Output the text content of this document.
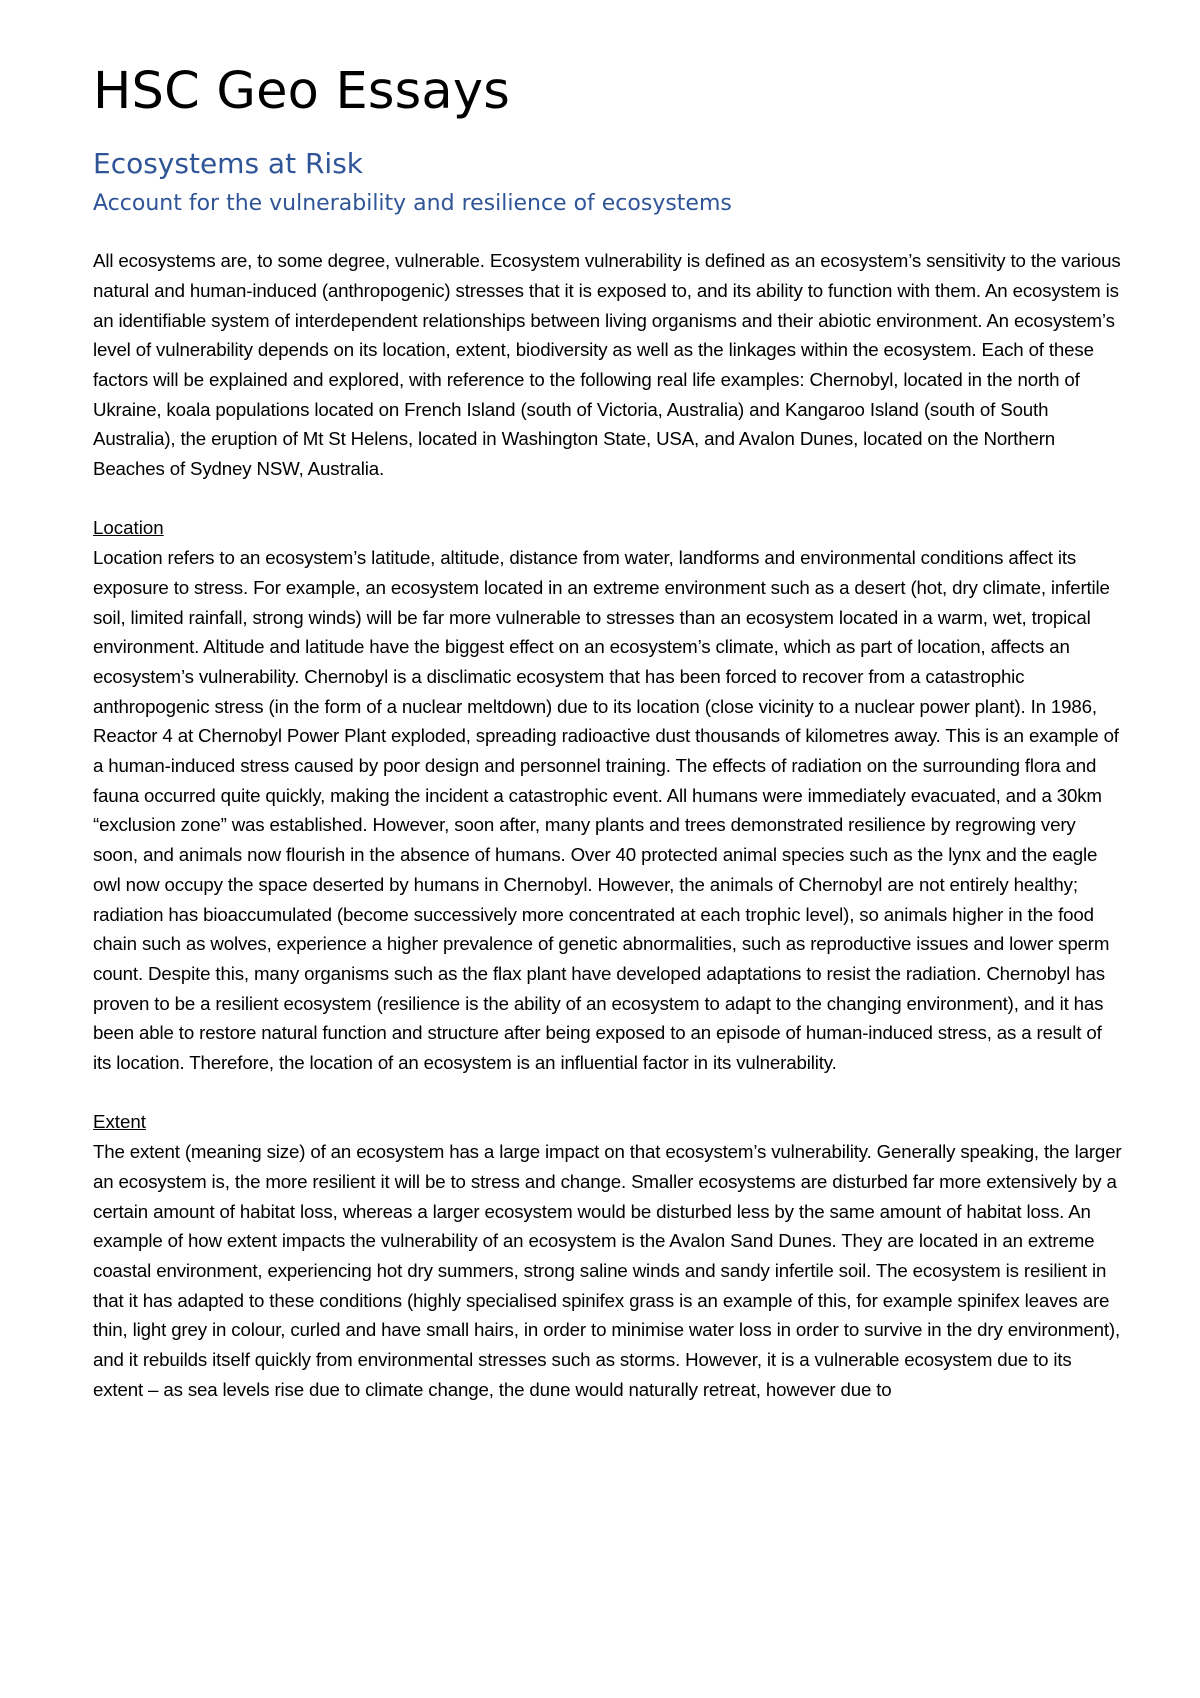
HSC Geo Essays
Ecosystems at Risk
Account for the vulnerability and resilience of ecosystems

All ecosystems are, to some degree, vulnerable. Ecosystem vulnerability is defined as an ecosystem’s sensitivity to the various natural and human-induced (anthropogenic) stresses that it is exposed to, and its ability to function with them. An ecosystem is an identifiable system of interdependent relationships between living organisms and their abiotic environment. An ecosystem’s level of vulnerability depends on its location, extent, biodiversity as well as the linkages within the ecosystem. Each of these factors will be explained and explored, with reference to the following real life examples: Chernobyl, located in the north of Ukraine, koala populations located on French Island (south of Victoria, Australia) and Kangaroo Island (south of South Australia), the eruption of Mt St Helens, located in Washington State, USA, and Avalon Dunes, located on the Northern Beaches of Sydney NSW, Australia.

Location

Location refers to an ecosystem’s latitude, altitude, distance from water, landforms and environmental conditions affect its exposure to stress. For example, an ecosystem located in an extreme environment such as a desert (hot, dry climate, infertile soil, limited rainfall, strong winds) will be far more vulnerable to stresses than an ecosystem located in a warm, wet, tropical environment. Altitude and latitude have the biggest effect on an ecosystem’s climate, which as part of location, affects an ecosystem’s vulnerability. Chernobyl is a disclimatic ecosystem that has been forced to recover from a catastrophic anthropogenic stress (in the form of a nuclear meltdown) due to its location (close vicinity to a nuclear power plant). In 1986, Reactor 4 at Chernobyl Power Plant exploded, spreading radioactive dust thousands of kilometres away. This is an example of a human-induced stress caused by poor design and personnel training. The effects of radiation on the surrounding flora and fauna occurred quite quickly, making the incident a catastrophic event. All humans were immediately evacuated, and a 30km “exclusion zone” was established. However, soon after, many plants and trees demonstrated resilience by regrowing very soon, and animals now flourish in the absence of humans. Over 40 protected animal species such as the lynx and the eagle owl now occupy the space deserted by humans in Chernobyl. However, the animals of Chernobyl are not entirely healthy; radiation has bioaccumulated (become successively more concentrated at each trophic level), so animals higher in the food chain such as wolves, experience a higher prevalence of genetic abnormalities, such as reproductive issues and lower sperm count. Despite this, many organisms such as the flax plant have developed adaptations to resist the radiation. Chernobyl has proven to be a resilient ecosystem (resilience is the ability of an ecosystem to adapt to the changing environment), and it has been able to restore natural function and structure after being exposed to an episode of human-induced stress, as a result of its location. Therefore, the location of an ecosystem is an influential factor in its vulnerability.

Extent

The extent (meaning size) of an ecosystem has a large impact on that ecosystem’s vulnerability. Generally speaking, the larger an ecosystem is, the more resilient it will be to stress and change. Smaller ecosystems are disturbed far more extensively by a certain amount of habitat loss, whereas a larger ecosystem would be disturbed less by the same amount of habitat loss. An example of how extent impacts the vulnerability of an ecosystem is the Avalon Sand Dunes. They are located in an extreme coastal environment, experiencing hot dry summers, strong saline winds and sandy infertile soil. The ecosystem is resilient in that it has adapted to these conditions (highly specialised spinifex grass is an example of this, for example spinifex leaves are thin, light grey in colour, curled and have small hairs, in order to minimise water loss in order to survive in the dry environment), and it rebuilds itself quickly from environmental stresses such as storms. However, it is a vulnerable ecosystem due to its extent – as sea levels rise due to climate change, the dune would naturally retreat, however due to
